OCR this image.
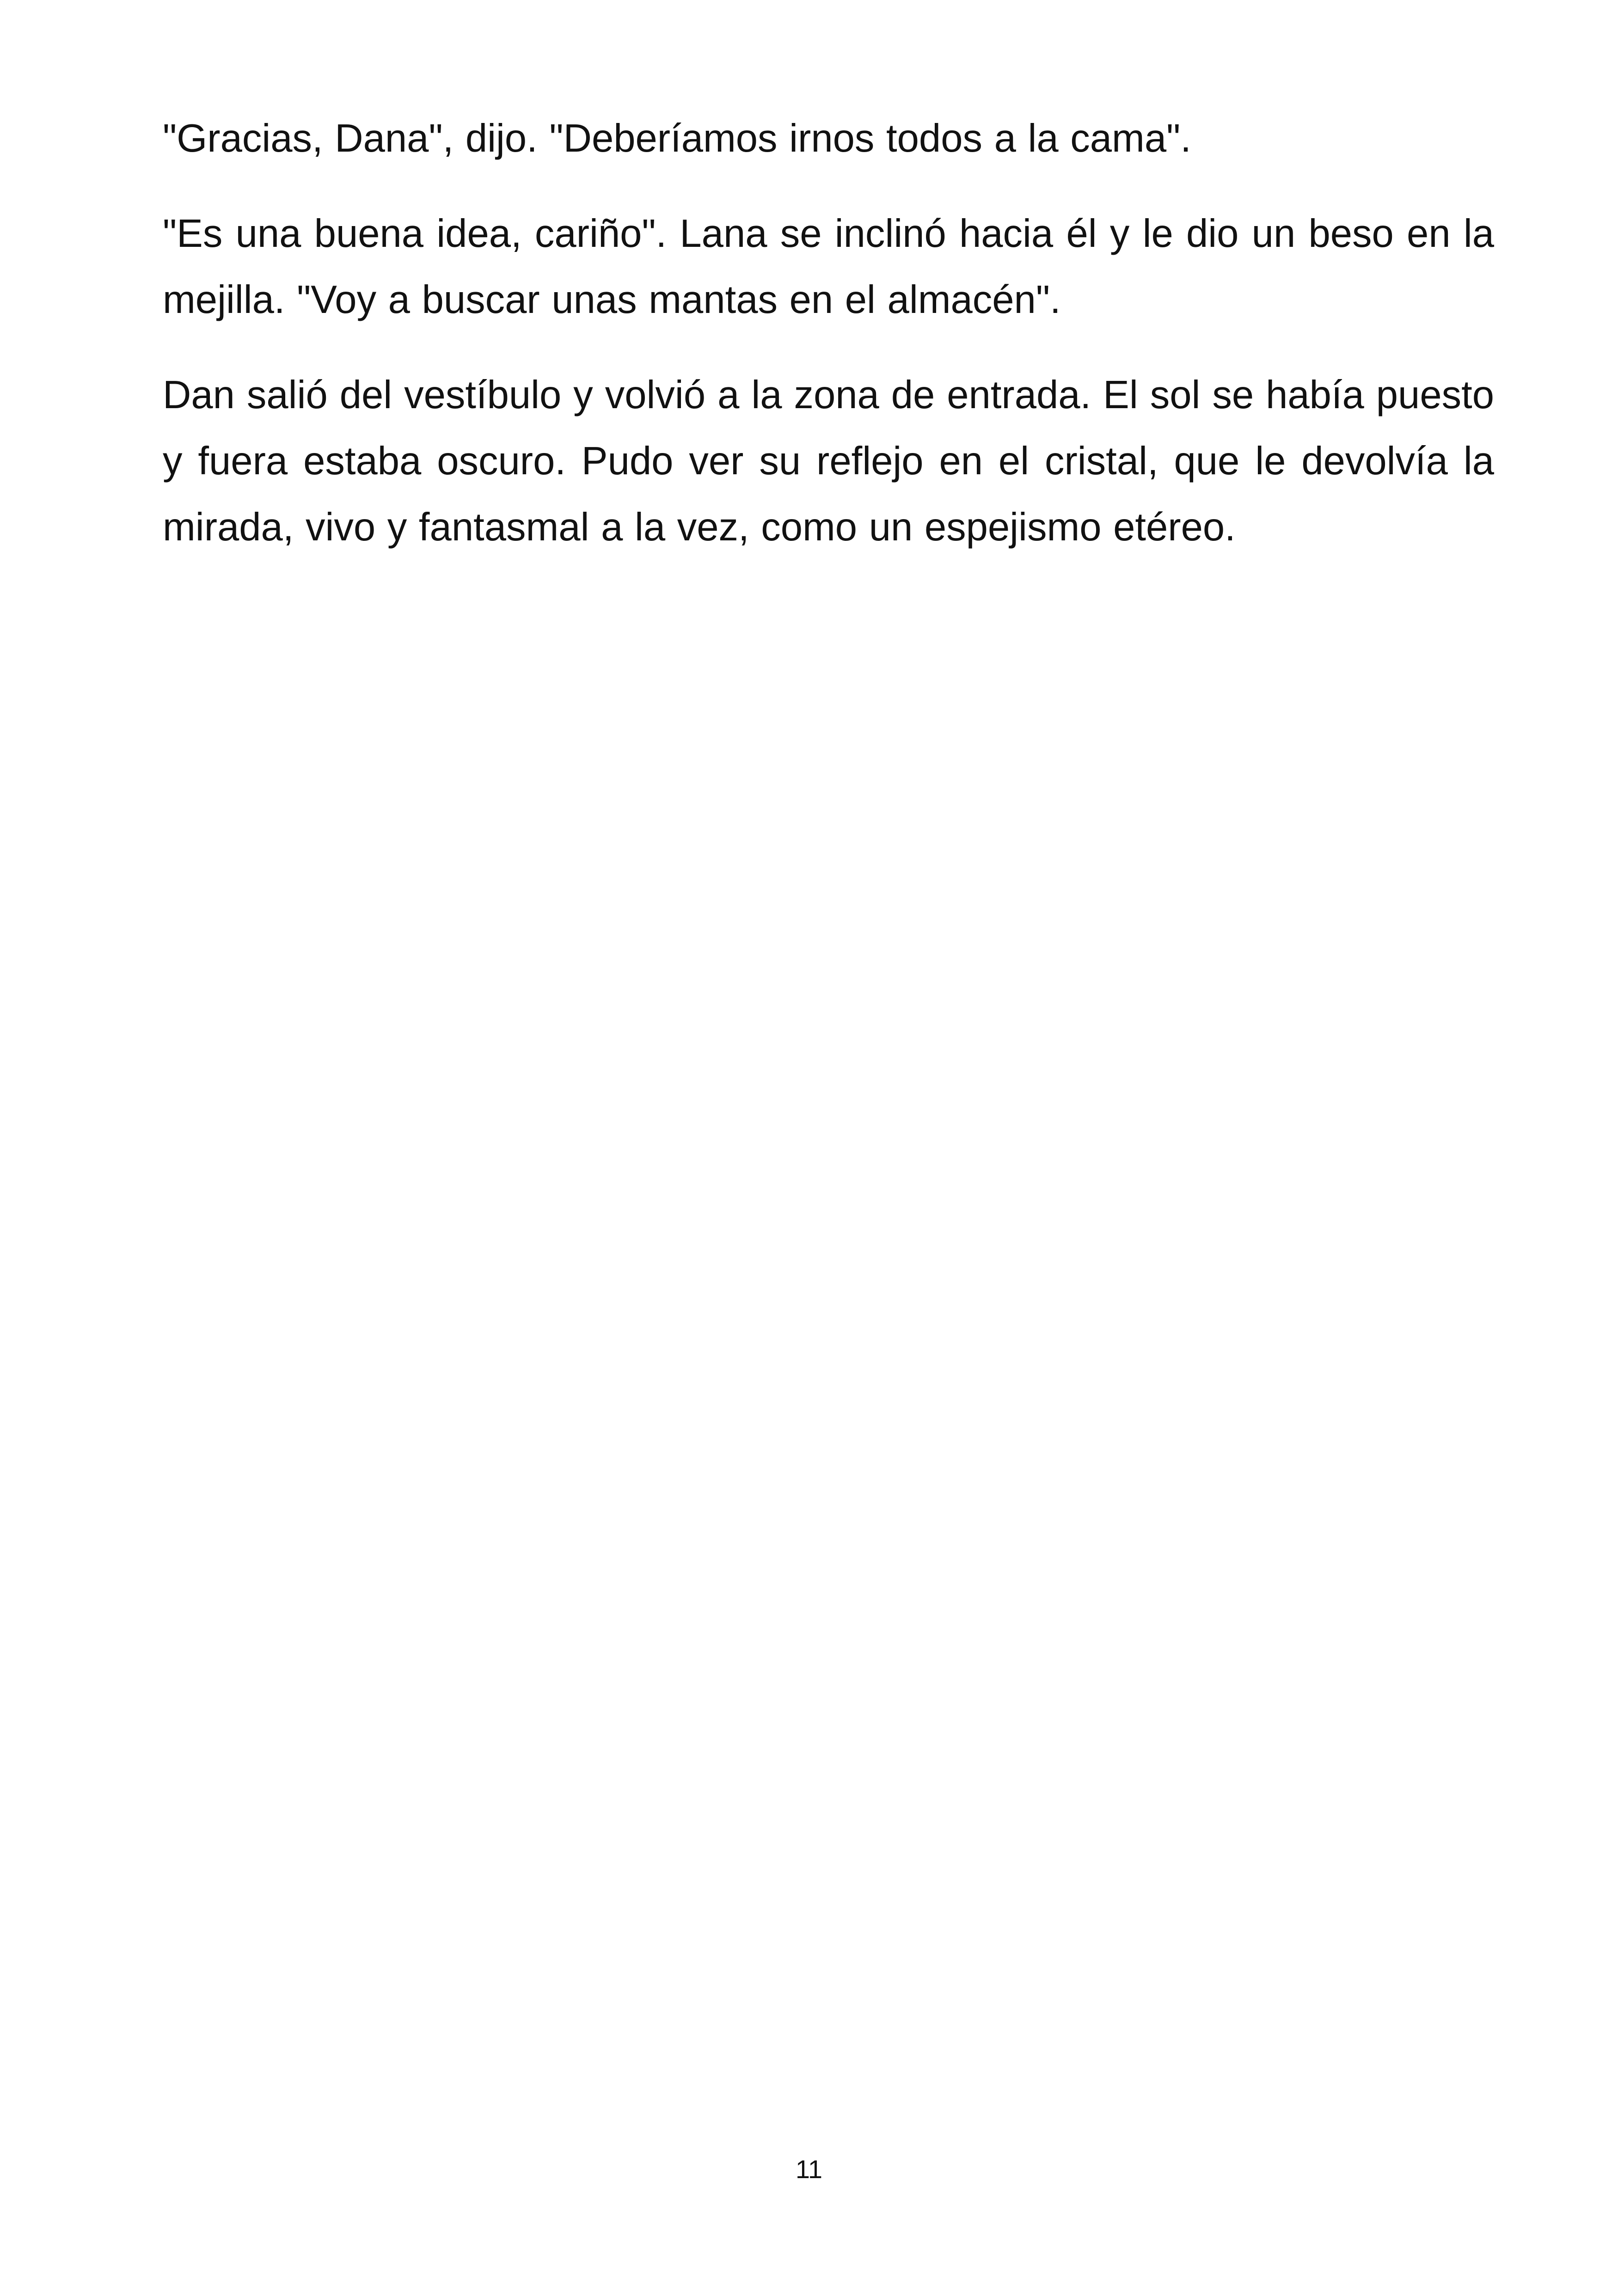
"Gracias, Dana", dijo. "Deberíamos irnos todos a la cama".

"Es una buena idea, cariño". Lana se inclinó hacia él y le dio un beso en la mejilla. "Voy a buscar unas mantas en el almacén".

Dan salió del vestíbulo y volvió a la zona de entrada. El sol se había puesto y fuera estaba oscuro. Pudo ver su reflejo en el cristal, que le devolvía la mirada, vivo y fantasmal a la vez, como un espejismo etéreo.

11
